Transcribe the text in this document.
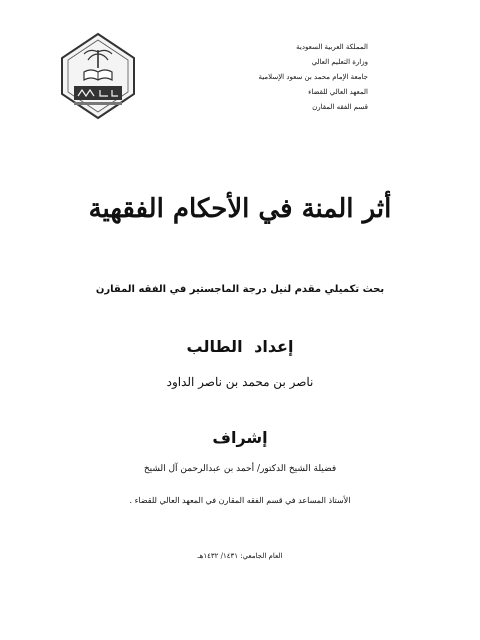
المملكة العربية السعودية
وزارة التعليم العالي
جامعة الإمام محمد بن سعود الإسلامية
المعهد العالي للقضاء
قسم الفقه المقارن
أثر المنة في الأحكام الفقهية
بحث تكميلي مقدم لنيل درجة الماجستير في الفقه المقارن
إعداد الطالب
ناصر بن محمد بن ناصر الداود
إشراف
فضيلة الشيخ الدكتور/ أحمد بن عبدالرحمن آل الشيخ
الأستاذ المساعد في قسم الفقه المقارن في المعهد العالي للقضاء .
العام الجامعي: ١٤٣١/ ١٤٣٢هـ
